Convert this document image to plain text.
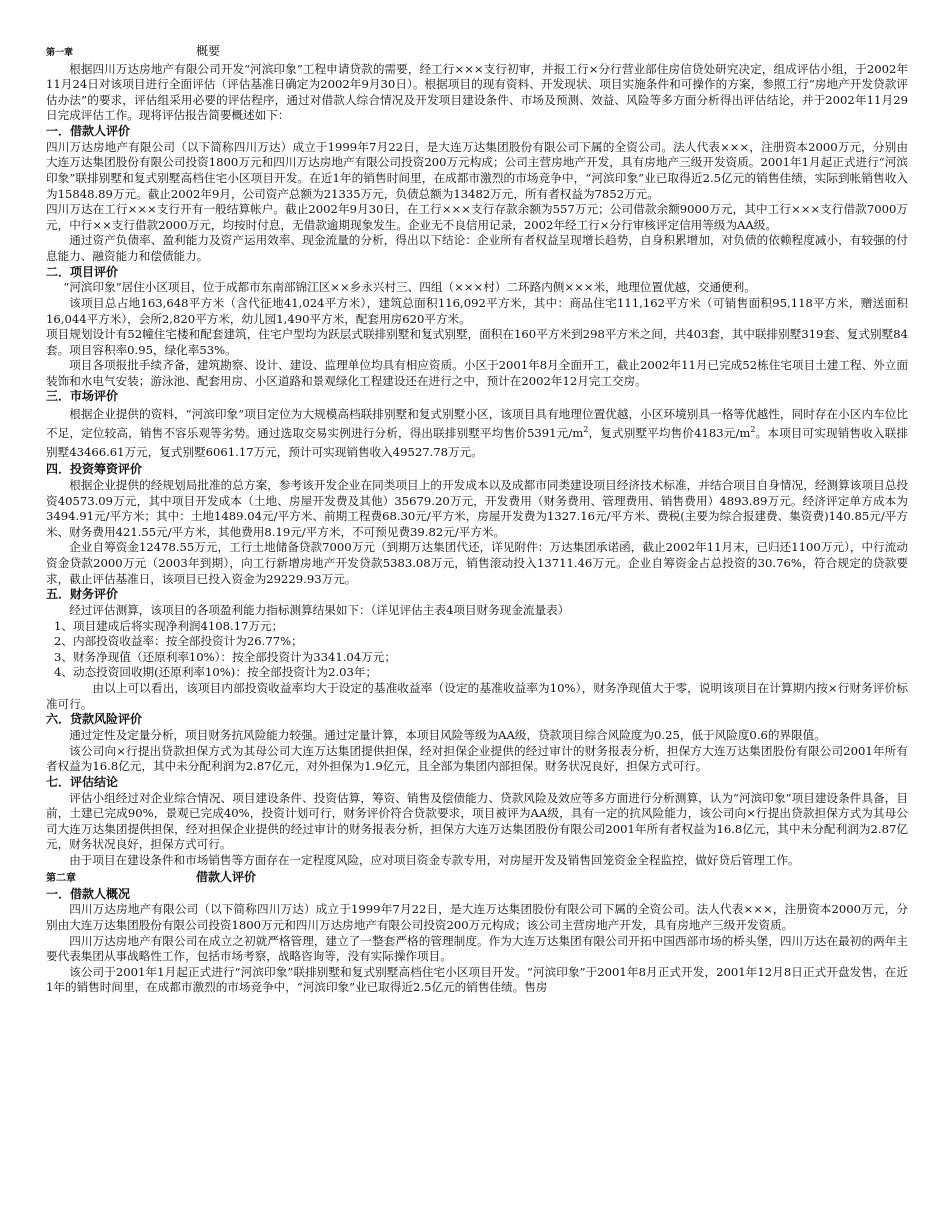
第一章	概要

根据四川万达房地产有限公司开发“河滨印象”工程申请贷款的需要，经工行×××支行初审，并报工行×分行营业部住房信贷处研究决定，组成评估小组，于2002年11月24日对该项目进行全面评估（评估基准日确定为2002年9月30日）。根据项目的现有资料、开发现状、项目实施条件和可操作的方案，参照工行“房地产开发贷款评估办法”的要求，评估组采用必要的评估程序，通过对借款人综合情况及开发项目建设条件、市场及预测、效益、风险等多方面分析得出评估结论，并于2002年11月29日完成评估工作。现将评估报告简要概述如下：

一．借款人评价

四川万达房地产有限公司（以下简称四川万达）成立于1999年7月22日，是大连万达集团股份有限公司下属的全资公司。法人代表×××，注册资本2000万元，分别由大连万达集团股份有限公司投资1800万元和四川万达房地产有限公司投资200万元构成；公司主营房地产开发，具有房地产三级开发资质。2001年1月起正式进行“河滨印象”联排别墅和复式别墅高档住宅小区项目开发。在近1年的销售时间里，在成都市激烈的市场竞争中，“河滨印象”业已取得近2.5亿元的销售佳绩，实际到帐销售收入为15848.89万元。截止2002年9月，公司资产总额为21335万元，负债总额为13482万元，所有者权益为7852万元。

四川万达在工行×××支行开有一般结算帐户。截止2002年9月30日，在工行×××支行存款余额为557万元；公司借款余额9000万元，其中工行×××支行借款7000万元，中行××支行借款2000万元，均按时付息，无借款逾期现象发生。企业无不良信用记录，2002年经工行×分行审核评定信用等级为AA级。

通过资产负债率、盈利能力及资产运用效率、现金流量的分析，得出以下结论：企业所有者权益呈现增长趋势，自身积累增加，对负债的依赖程度减小，有较强的付息能力、融资能力和偿债能力。

二．项目评价

“河滨印象”居住小区项目，位于成都市东南部锦江区××乡永兴村三、四组（×××村）二环路内侧×××米，地理位置优越，交通便利。

该项目总占地163,648平方米（含代征地41,024平方米），建筑总面积116,092平方米，其中：商品住宅111,162平方米（可销售面积95,118平方米，赠送面积16,044平方米），会所2,820平方米，幼儿园1,490平方米，配套用房620平方米。

项目规划设计有52幢住宅楼和配套建筑，住宅户型均为跃层式联排别墅和复式别墅，面积在160平方米到298平方米之间，共403套，其中联排别墅319套、复式别墅84套。项目容积率0.95，绿化率53%。

项目各项报批手续齐备，建筑勘察、设计、建设、监理单位均具有相应资质。小区于2001年8月全面开工，截止2002年11月已完成52栋住宅项目土建工程、外立面装饰和水电气安装；游泳池、配套用房、小区道路和景观绿化工程建设还在进行之中，预计在2002年12月完工交房。

三．市场评价

根据企业提供的资料，“河滨印象”项目定位为大规模高档联排别墅和复式别墅小区，该项目具有地理位置优越，小区环境别具一格等优越性，同时存在小区内车位比不足，定位较高，销售不容乐观等劣势。通过选取交易实例进行分析，得出联排别墅平均售价5391元$/m^2$，复式别墅平均售价4183元$/m^2$。本项目可实现销售收入联排别墅43466.61万元，复式别墅6061.17万元，预计可实现销售收入49527.78万元。

四．投资筹资评价

根据企业提供的经规划局批准的总方案，参考该开发企业在同类项目上的开发成本以及成都市同类建设项目经济技术标准，并结合项目自身情况，经测算该项目总投资40573.09万元，其中项目开发成本（土地、房屋开发费及其他）35679.20万元，开发费用（财务费用、管理费用、销售费用）4893.89万元。经济评定单方成本为3494.91元/平方米；其中：土地1489.04元/平方米、前期工程费68.30元/平方米，房屋开发费为1327.16元/平方米、费税(主要为综合报建费、集资费)140.85元/平方米、财务费用421.55元/平方米，其他费用8.19元/平方米，不可预见费39.82元/平方米。

企业自筹资金12478.55万元，工行土地储备贷款7000万元（到期万达集团代还，详见附件：万达集团承诺函，截止2002年11月末，已归还1100万元），中行流动资金贷款2000万元（2003年到期），向工行新增房地产开发贷款5383.08万元，销售滚动投入13711.46万元。企业自筹资金占总投资的30.76%，符合规定的贷款要求，截止评估基准日，该项目已投入资金为29229.93万元。

五．财务评价

经过评估测算，该项目的各项盈利能力指标测算结果如下：（详见评估主表4项目财务现金流量表）

1、项目建成后将实现净利润4108.17万元；

2、内部投资收益率：按全部投资计为26.77%；

3、财务净现值（还原利率10%）：按全部投资计为3341.04万元；

4、动态投资回收期(还原利率10%)：按全部投资计为2.03年；

由以上可以看出，该项目内部投资收益率均大于设定的基准收益率（设定的基准收益率为10%），财务净现值大于零，说明该项目在计算期内按×行财务评价标准可行。

六．贷款风险评价

通过定性及定量分析，项目财务抗风险能力较强。通过定量计算，本项目风险等级为AA级，贷款项目综合风险度为0.25，低于风险度0.6的界限值。

该公司向×行提出贷款担保方式为其母公司大连万达集团提供担保，经对担保企业提供的经过审计的财务报表分析，担保方大连万达集团股份有限公司2001年所有者权益为16.8亿元，其中未分配利润为2.87亿元，对外担保为1.9亿元，且全部为集团内部担保。财务状况良好，担保方式可行。

七．评估结论

评估小组经过对企业综合情况、项目建设条件、投资估算，筹资、销售及偿债能力、贷款风险及效应等多方面进行分析测算，认为“河滨印象”项目建设条件具备，目前，土建已完成90%，景观已完成40%，投资计划可行，财务评价符合贷款要求，项目被评为AA级，具有一定的抗风险能力，该公司向×行提出贷款担保方式为其母公司大连万达集团提供担保，经对担保企业提供的经过审计的财务报表分析，担保方大连万达集团股份有限公司2001年所有者权益为16.8亿元，其中未分配利润为2.87亿元，财务状况良好，担保方式可行。

由于项目在建设条件和市场销售等方面存在一定程度风险，应对项目资金专款专用，对房屋开发及销售回笼资金全程监控，做好贷后管理工作。

第二章	借款人评价

一．借款人概况

四川万达房地产有限公司（以下简称四川万达）成立于1999年7月22日，是大连万达集团股份有限公司下属的全资公司。法人代表×××，注册资本2000万元，分别由大连万达集团股份有限公司投资1800万元和四川万达房地产有限公司投资200万元构成；该公司主营房地产开发，具有房地产三级开发资质。

四川万达房地产有限公司在成立之初就严格管理，建立了一整套严格的管理制度。作为大连万达集团有限公司开拓中国西部市场的桥头堡，四川万达在最初的两年主要代表集团从事战略性工作，包括市场考察，战略咨询等，没有实际操作项目。

该公司于2001年1月起正式进行“河滨印象”联排别墅和复式别墅高档住宅小区项目开发。“河滨印象”于2001年8月正式开发，2001年12月8日正式开盘发售，在近1年的销售时间里，在成都市激烈的市场竞争中，“河滨印象”业已取得近2.5亿元的销售佳绩。售房
